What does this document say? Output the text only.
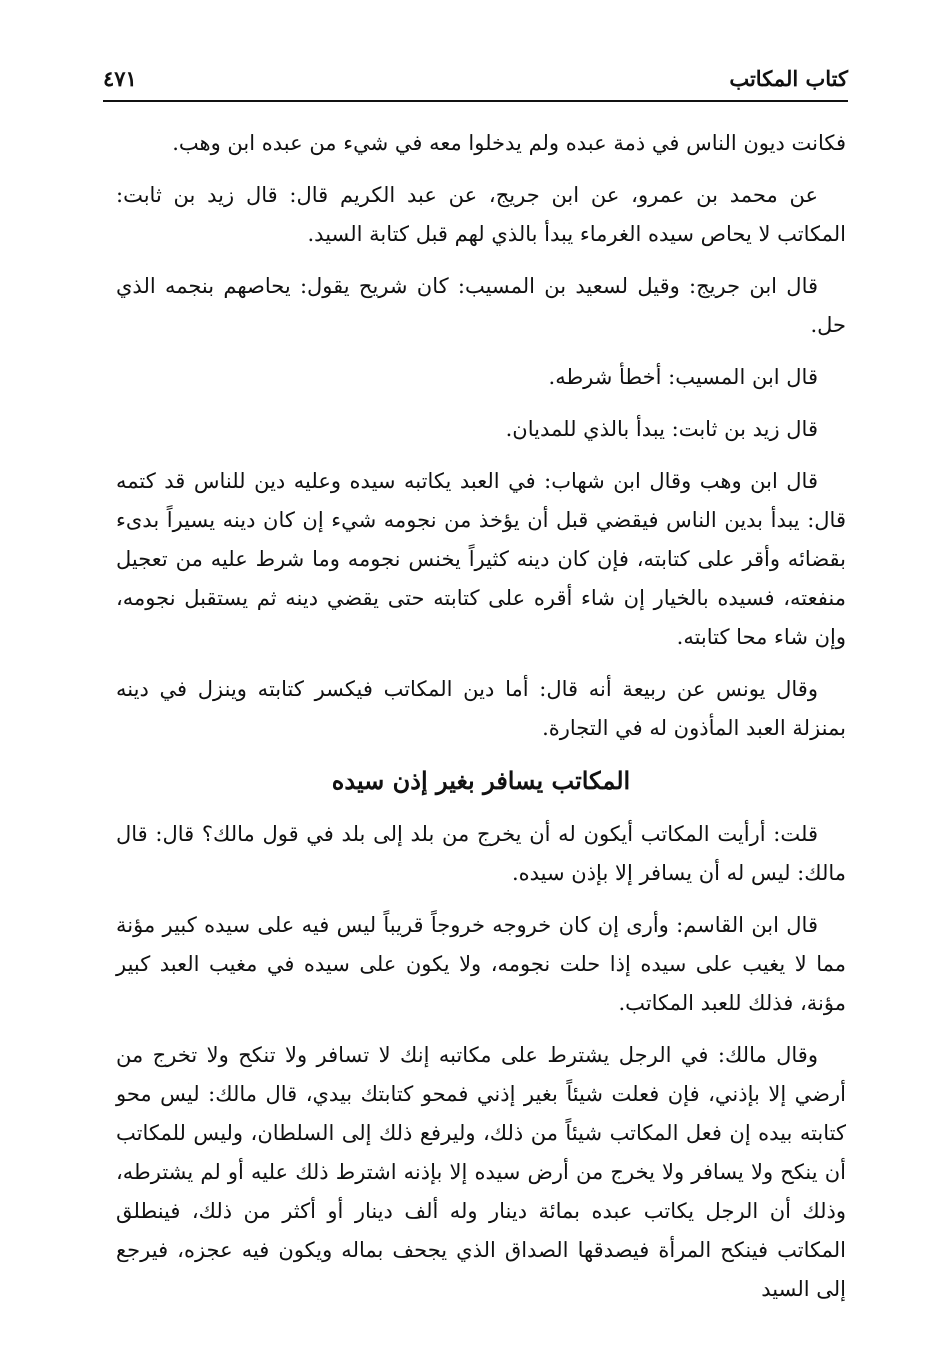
كتاب المكاتب
٤٧١

فكانت ديون الناس في ذمة عبده ولم يدخلوا معه في شيء من عبده ابن وهب.

عن محمد بن عمرو، عن ابن جريج، عن عبد الكريم قال: قال زيد بن ثابت: المكاتب لا يحاص سيده الغرماء يبدأ بالذي لهم قبل كتابة السيد.

قال ابن جريج: وقيل لسعيد بن المسيب: كان شريح يقول: يحاصهم بنجمه الذي حل.

قال ابن المسيب: أخطأ شرطه.

قال زيد بن ثابت: يبدأ بالذي للمديان.

قال ابن وهب وقال ابن شهاب: في العبد يكاتبه سيده وعليه دين للناس قد كتمه قال: يبدأ بدين الناس فيقضي قبل أن يؤخذ من نجومه شيء إن كان دينه يسيراً بدىء بقضائه وأقر على كتابته، فإن كان دينه كثيراً يخنس نجومه وما شرط عليه من تعجيل منفعته، فسيده بالخيار إن شاء أقره على كتابته حتى يقضي دينه ثم يستقبل نجومه، وإن شاء محا كتابته.

وقال يونس عن ربيعة أنه قال: أما دين المكاتب فيكسر كتابته وينزل في دينه بمنزلة العبد المأذون له في التجارة.

المكاتب يسافر بغير إذن سيده

قلت: أرأيت المكاتب أيكون له أن يخرج من بلد إلى بلد في قول مالك؟ قال: قال مالك: ليس له أن يسافر إلا بإذن سيده.

قال ابن القاسم: وأرى إن كان خروجه خروجاً قريباً ليس فيه على سيده كبير مؤنة مما لا يغيب على سيده إذا حلت نجومه، ولا يكون على سيده في مغيب العبد كبير مؤنة، فذلك للعبد المكاتب.

وقال مالك: في الرجل يشترط على مكاتبه إنك لا تسافر ولا تنكح ولا تخرج من أرضي إلا بإذني، فإن فعلت شيئاً بغير إذني فمحو كتابتك بيدي، قال مالك: ليس محو كتابته بيده إن فعل المكاتب شيئاً من ذلك، وليرفع ذلك إلى السلطان، وليس للمكاتب أن ينكح ولا يسافر ولا يخرج من أرض سيده إلا بإذنه اشترط ذلك عليه أو لم يشترطه، وذلك أن الرجل يكاتب عبده بمائة دينار وله ألف دينار أو أكثر من ذلك، فينطلق المكاتب فينكح المرأة فيصدقها الصداق الذي يجحف بماله ويكون فيه عجزه، فيرجع إلى السيد
